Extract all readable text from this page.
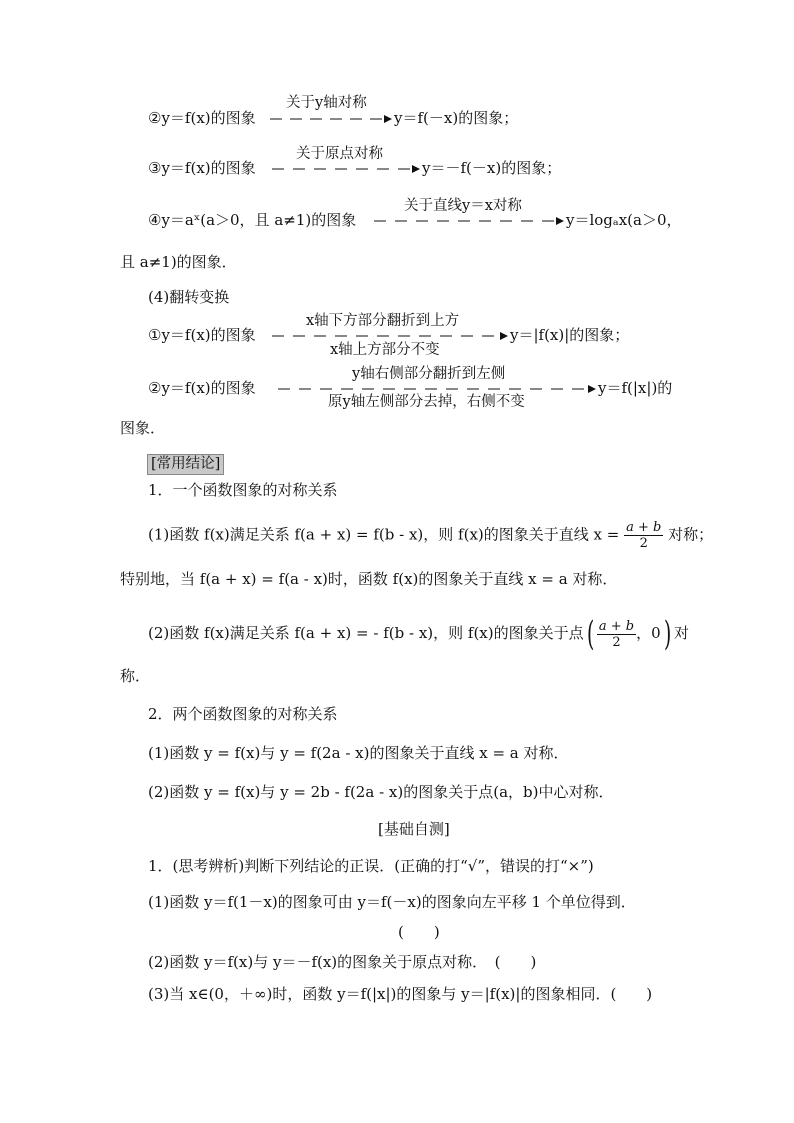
②y＝f(x)的图象
关于y轴对称
y＝f(－x)的图象；
③y＝f(x)的图象
关于原点对称
y＝－f(－x)的图象；
④y＝aˣ(a＞0，且 a≠1)的图象
关于直线y＝x对称
y＝logₐx(a＞0，
且 a≠1)的图象．
(4)翻转变换
①y＝f(x)的图象
x轴下方部分翻折到上方
x轴上方部分不变
y＝|f(x)|的图象；
②y＝f(x)的图象
y轴右侧部分翻折到左侧
原y轴左侧部分去掉，右侧不变
y＝f(|x|)的
图象．
[常用结论]
1．一个函数图象的对称关系
(1)函数 f(x)满足关系 f(a + x) = f(b - x)，则 f(x)的图象关于直线 $x = \frac{a + b}{2}$ 对称；
特别地，当 f(a + x) = f(a - x)时，函数 f(x)的图象关于直线 x = a 对称．
(2)函数 f(x)满足关系 f(a + x) = - f(b - x)，则 f(x)的图象关于点( $\frac{a + b}{2}$ ，0) 对
称．
2．两个函数图象的对称关系
(1)函数 y = f(x)与 y = f(2a - x)的图象关于直线 x = a 对称．
(2)函数 y = f(x)与 y = 2b - f(2a - x)的图象关于点(a，b)中心对称．
[基础自测]
1．(思考辨析)判断下列结论的正误．(正确的打“√”，错误的打“×”)
(1)函数 y＝f(1－x)的图象可由 y＝f(－x)的图象向左平移 1 个单位得到．
(　　)
(2)函数 y＝f(x)与 y＝－f(x)的图象关于原点对称．　(　　)
(3)当 x∈(0，＋∞)时，函数 y＝f(|x|)的图象与 y＝|f(x)|的图象相同．(　　)
